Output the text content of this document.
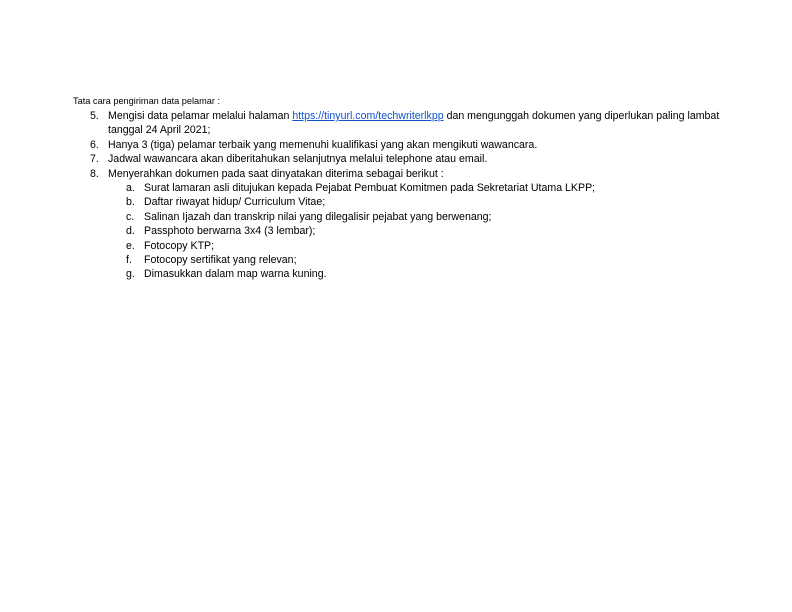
Tata cara pengiriman data pelamar :

5. Mengisi data pelamar melalui halaman https://tinyurl.com/techwriterlkpp dan mengunggah dokumen yang diperlukan paling lambat tanggal 24 April 2021;
6. Hanya 3 (tiga) pelamar terbaik yang memenuhi kualifikasi yang akan mengikuti wawancara.
7. Jadwal wawancara akan diberitahukan selanjutnya melalui telephone atau email.
8. Menyerahkan dokumen pada saat dinyatakan diterima sebagai berikut :
a. Surat lamaran asli ditujukan kepada Pejabat Pembuat Komitmen pada Sekretariat Utama LKPP;
b. Daftar riwayat hidup/ Curriculum Vitae;
c. Salinan Ijazah dan transkrip nilai yang dilegalisir pejabat yang berwenang;
d. Passphoto berwarna 3x4 (3 lembar);
e. Fotocopy KTP;
f. Fotocopy sertifikat yang relevan;
g. Dimasukkan dalam map warna kuning.
